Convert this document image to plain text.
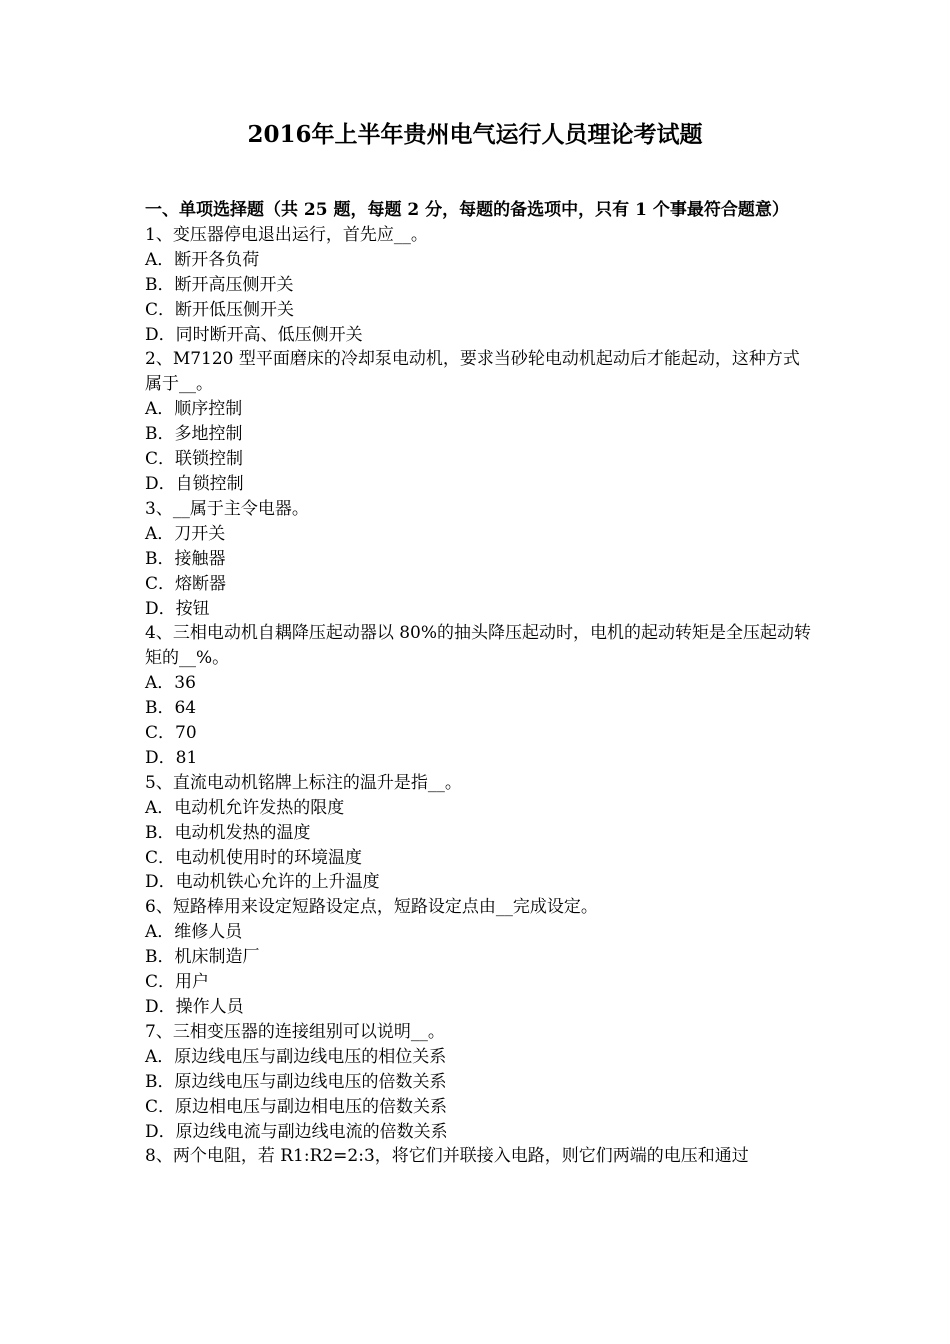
2016年上半年贵州电气运行人员理论考试题

一、单项选择题（共 25 题，每题 2 分，每题的备选项中，只有 1 个事最符合题意）

1、变压器停电退出运行，首先应__。

A．断开各负荷

B．断开高压侧开关

C．断开低压侧开关

D．同时断开高、低压侧开关

2、M7120 型平面磨床的冷却泵电动机，要求当砂轮电动机起动后才能起动，这种方式属于__。

A．顺序控制

B．多地控制

C．联锁控制

D．自锁控制

3、__属于主令电器。

A．刀开关

B．接触器

C．熔断器

D．按钮

4、三相电动机自耦降压起动器以 80%的抽头降压起动时，电机的起动转矩是全压起动转矩的__%。

A．36

B．64

C．70

D．81

5、直流电动机铭牌上标注的温升是指__。

A．电动机允许发热的限度

B．电动机发热的温度

C．电动机使用时的环境温度

D．电动机铁心允许的上升温度

6、短路棒用来设定短路设定点，短路设定点由__完成设定。

A．维修人员

B．机床制造厂

C．用户

D．操作人员

7、三相变压器的连接组别可以说明__。

A．原边线电压与副边线电压的相位关系

B．原边线电压与副边线电压的倍数关系

C．原边相电压与副边相电压的倍数关系

D．原边线电流与副边线电流的倍数关系

8、两个电阻，若 R1:R2=2:3，将它们并联接入电路，则它们两端的电压和通过
